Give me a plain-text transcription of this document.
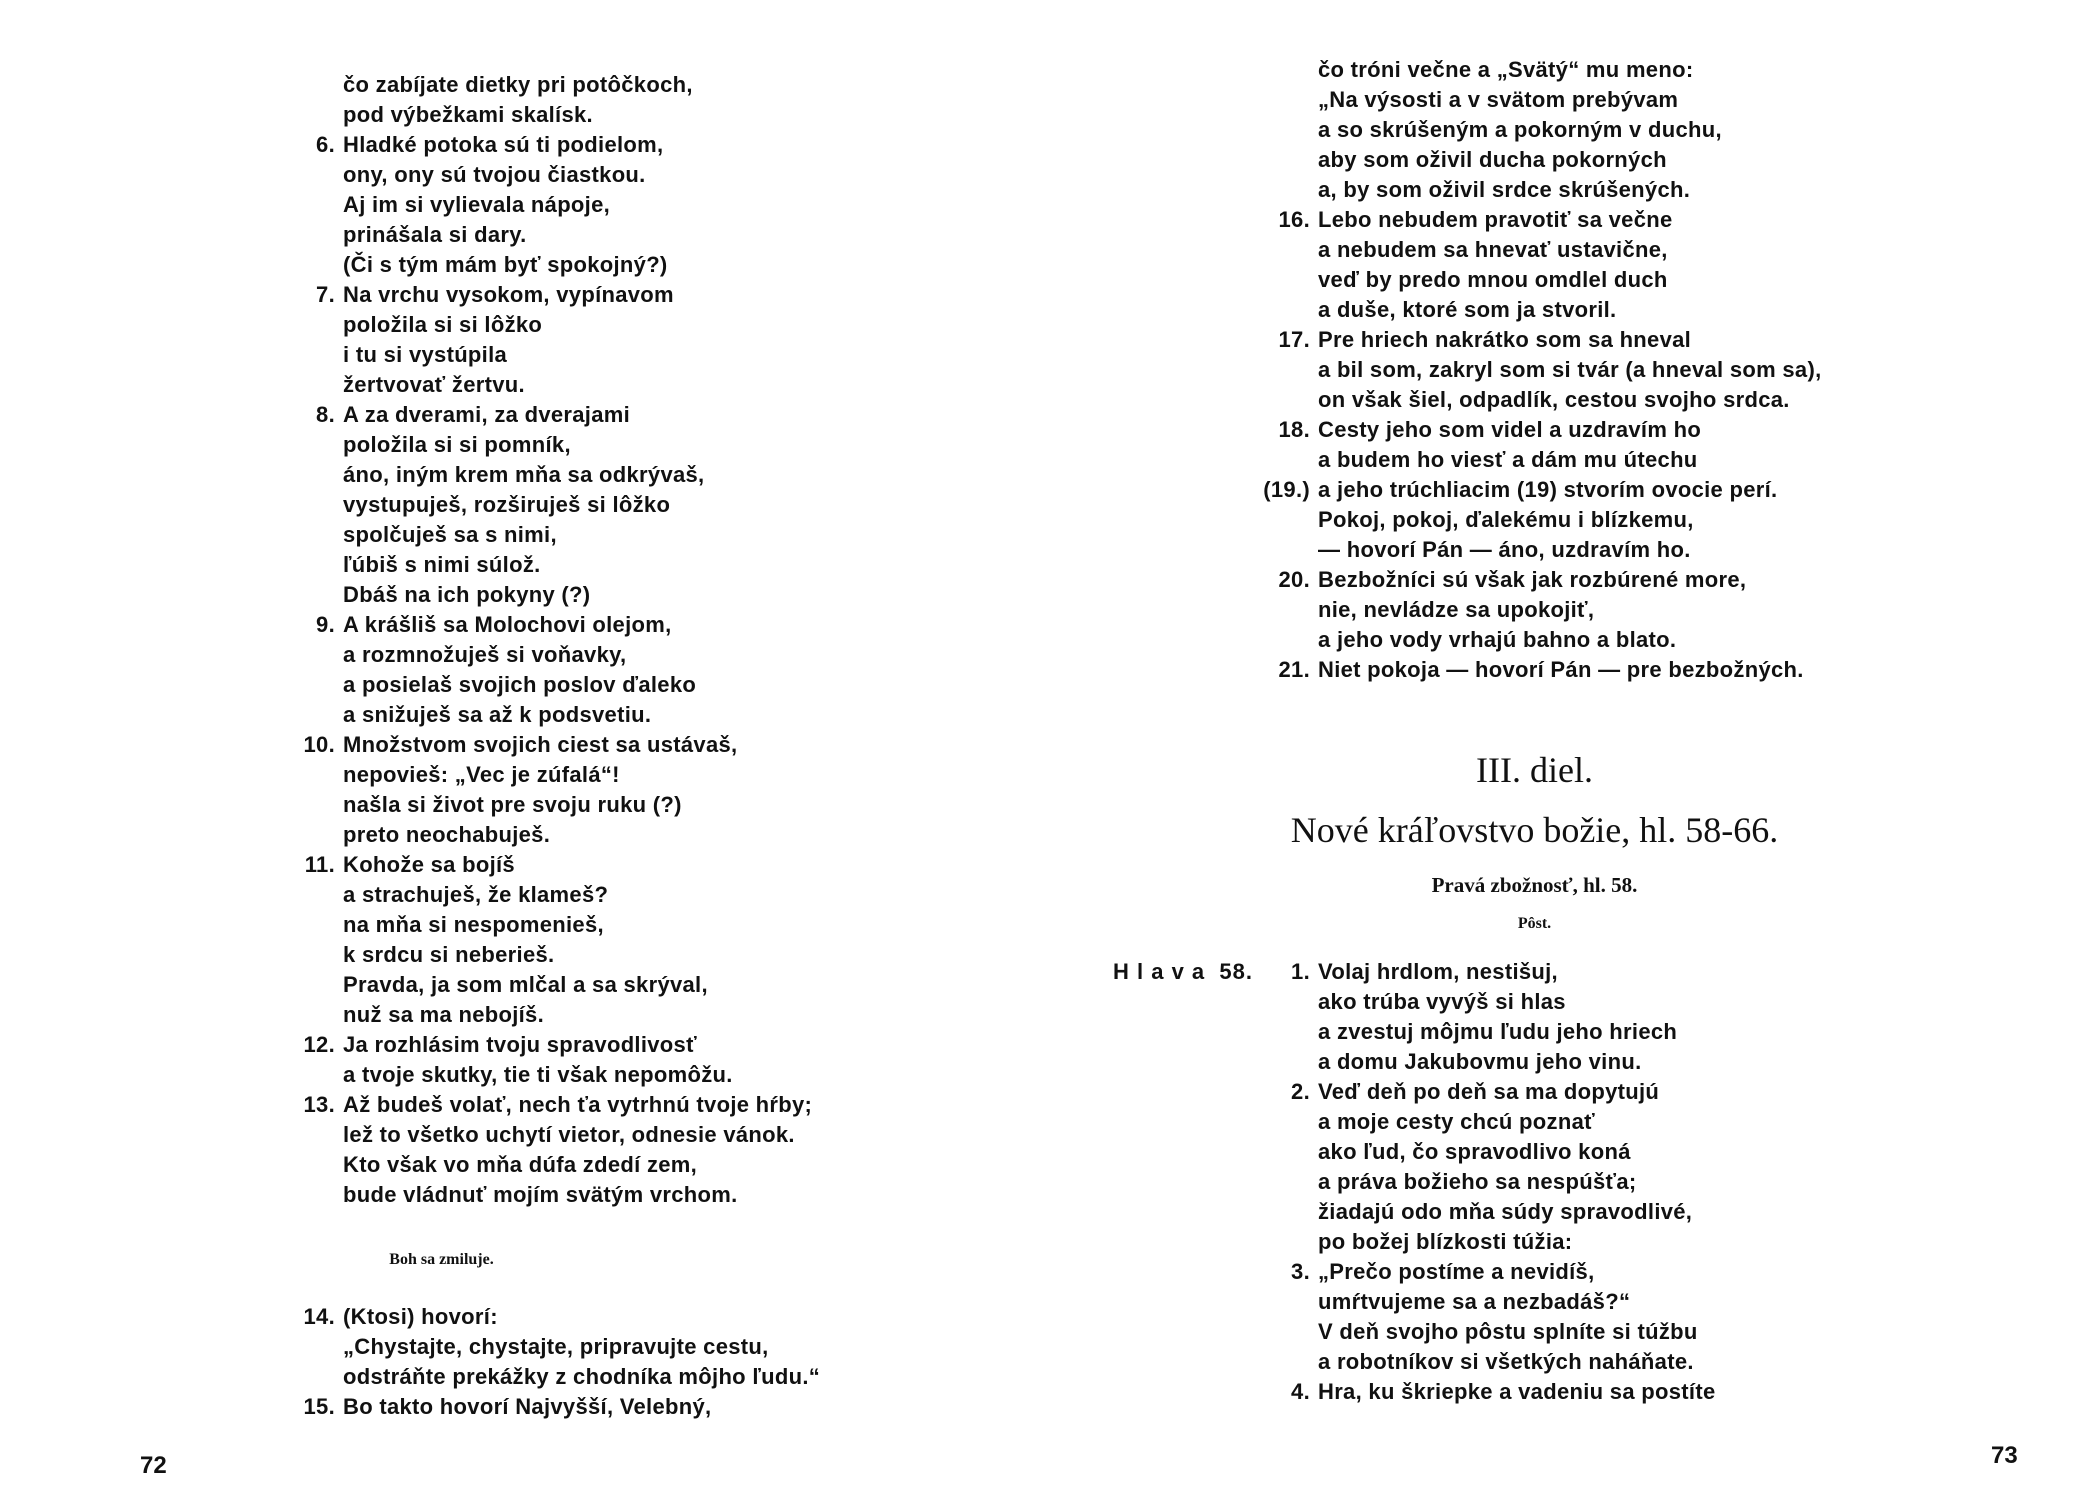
čo zabíjate dietky pri potôčkoch,
pod výbežkami skalísk.
6. Hladké potoka sú ti podielom,
ony, ony sú tvojou čiastkou.
Aj im si vylievala nápoje,
prinášala si dary.
(Či s tým mám byť spokojný?)
7. Na vrchu vysokom, vypínavom
položila si si lôžko
i tu si vystúpila
žertvovať žertvu.
8. A za dverami, za dverajami
položila si si pomník,
áno, iným krem mňa sa odkrývaš,
vystupuješ, rozširuješ si lôžko
spolčuješ sa s nimi,
ľúbiš s nimi súlož.
Dbáš na ich pokyny (?)
9. A krášliš sa Molochovi olejom,
a rozmnožuješ si voňavky,
a posielaš svojich poslov ďaleko
a snižuješ sa až k podsvetiu.
10. Množstvom svojich ciest sa ustávaš,
nepovieš: „Vec je zúfalá“!
našla si život pre svoju ruku (?)
preto neochabuješ.
11. Kohože sa bojíš
a strachuješ, že klameš?
na mňa si nespomenieš,
k srdcu si neberieš.
Pravda, ja som mlčal a sa skrýval,
nuž sa ma nebojíš.
12. Ja rozhlásim tvoju spravodlivosť
a tvoje skutky, tie ti však nepomôžu.
13. Až budeš volať, nech ťa vytrhnú tvoje hŕby;
lež to všetko uchytí vietor, odnesie vánok.
Kto však vo mňa dúfa zdedí zem,
bude vládnuť mojím svätým vrchom.
Boh sa zmiluje.
14. (Ktosi) hovorí:
„Chystajte, chystajte, pripravujte cestu,
odstráňte prekážky z chodníka môjho ľudu.“
15. Bo takto hovorí Najvyšší, Velebný,
72
čo tróni večne a „Svätý“ mu meno:
„Na výsosti a v svätom prebývam
a so skrúšeným a pokorným v duchu,
aby som oživil ducha pokorných
a, by som oživil srdce skrúšených.
16. Lebo nebudem pravotiť sa večne
a nebudem sa hnevať ustavične,
veď by predo mnou omdlel duch
a duše, ktoré som ja stvoril.
17. Pre hriech nakrátko som sa hneval
a bil som, zakryl som si tvár (a hneval som sa),
on však šiel, odpadlík, cestou svojho srdca.
18. Cesty jeho som videl a uzdravím ho
a budem ho viesť a dám mu útechu
(19.) a jeho trúchliacim (19) stvorím ovocie perí.
Pokoj, pokoj, ďalekému i blízkemu,
— hovorí Pán — áno, uzdravím ho.
20. Bezbožníci sú však jak rozbúrené more,
nie, nevládze sa upokojiť,
a jeho vody vrhajú bahno a blato.
21. Niet pokoja — hovorí Pán — pre bezbožných.
III. diel.
Nové kráľovstvo božie, hl. 58-66.
Pravá zbožnosť, hl. 58.
Pôst.
H l a v a  58. 1. Volaj hrdlom, nestišuj,
ako trúba vyvýš si hlas
a zvestuj môjmu ľudu jeho hriech
a domu Jakubovmu jeho vinu.
2. Veď deň po deň sa ma dopytujú
a moje cesty chcú poznať
ako ľud, čo spravodlivo koná
a práva božieho sa nespúšťa;
žiadajú odo mňa súdy spravodlivé,
po božej blízkosti túžia:
3. „Prečo postíme a nevidíš,
umŕtvujeme sa a nezbadáš?“
V deň svojho pôstu splníte si túžbu
a robotníkov si všetkých naháňate.
4. Hra, ku škriepke a vadeniu sa postíte
73
